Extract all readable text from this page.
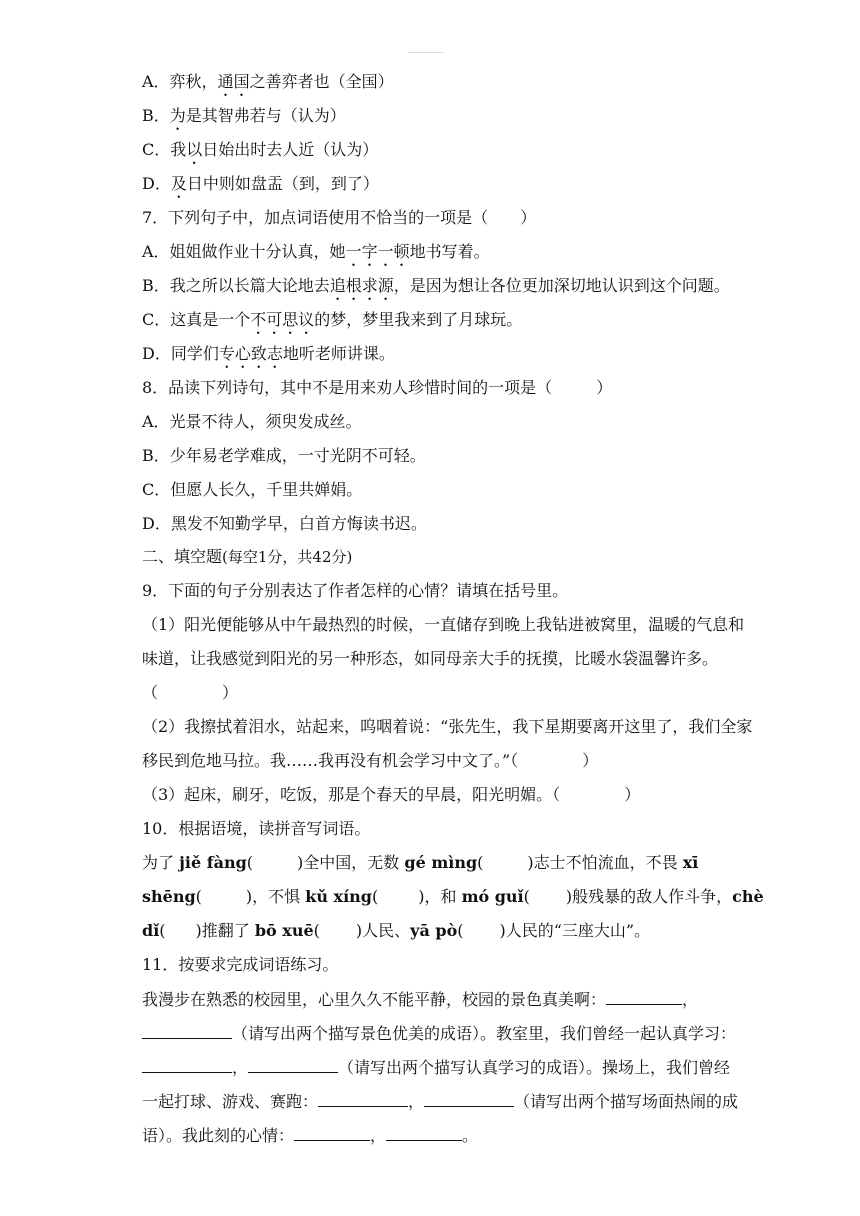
A．弈秋，通国之善弈者也（全国）
B．为是其智弗若与（认为）
C．我以日始出时去人近（认为）
D．及日中则如盘盂（到，到了）
7．下列句子中，加点词语使用不恰当的一项是（ ）
A．姐姐做作业十分认真，她一字一顿地书写着。
B．我之所以长篇大论地去追根求源，是因为想让各位更加深切地认识到这个问题。
C．这真是一个不可思议的梦，梦里我来到了月球玩。
D．同学们专心致志地听老师讲课。
8．品读下列诗句，其中不是用来劝人珍惜时间的一项是（	）
A．光景不待人，须臾发成丝。
B．少年易老学难成，一寸光阴不可轻。
C．但愿人长久，千里共婵娟。
D．黑发不知勤学早，白首方悔读书迟。
二、填空题(每空1分，共42分)
9．下面的句子分别表达了作者怎样的心情？请填在括号里。
（1）阳光便能够从中午最热烈的时候，一直储存到晚上我钻进被窝里，温暖的气息和
味道，让我感觉到阳光的另一种形态，如同母亲大手的抚摸，比暖水袋温馨许多。
（	）
（2）我擦拭着泪水，站起来，呜咽着说：“张先生，我下星期要离开这里了，我们全家
移民到危地马拉。我……我再没有机会学习中文了。”（	）
（3）起床，刷牙，吃饭，那是个春天的早晨，阳光明媚。（	）
10．根据语境，读拼音写词语。
为了 jiě fàng(	)全中国，无数 gé mìng(	)志士不怕流血，不畏 xī
shēng(	)，不惧 kǔ xíng(	)，和 mó guǐ( )般残暴的敌人作斗争，chè
dǐ( )推翻了 bō xuē( )人民、yā pò( )人民的“三座大山”。
11．按要求完成词语练习。
我漫步在熟悉的校园里，心里久久不能平静，校园的景色真美啊：	，
（请写出两个描写景色优美的成语）。教室里，我们曾经一起认真学习：
，	（请写出两个描写认真学习的成语）。操场上，我们曾经
一起打球、游戏、赛跑：	，	（请写出两个描写场面热闹的成
语）。我此刻的心情：	，	。
